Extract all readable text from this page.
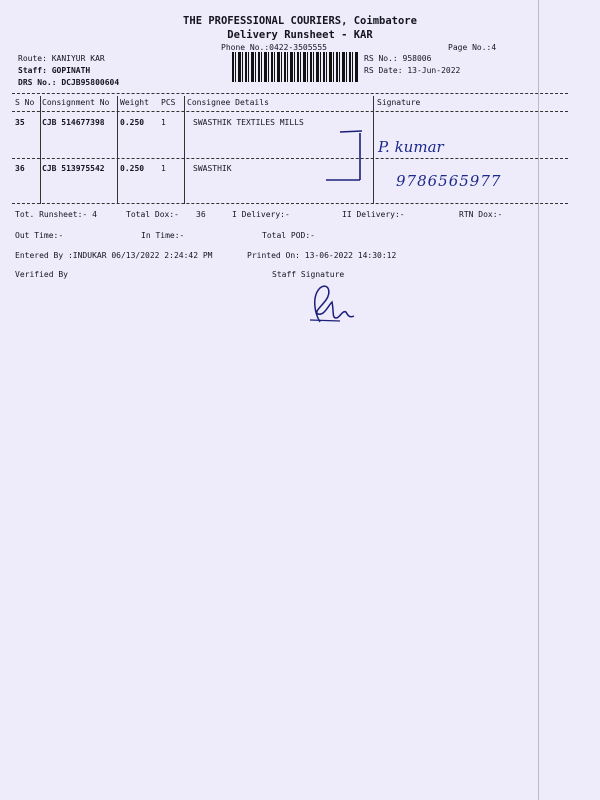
THE PROFESSIONAL COURIERS, Coimbatore
Delivery Runsheet - KAR
Phone No.:0422-3505555	Page No.:4
Route: KANIYUR KAR
Staff: GOPINATH
DRS No.: DCJB95800604
RS No.: 958006
RS Date: 13-Jun-2022
S No Consignment No Weight PCS Consignee Details	Signature
35 CJB 514677398 0.250 1	SWASTHIK TEXTILES MILLS
36 CJB 513975542 0.250 1	SWASTHIK
P. kumar
9786565977
Tot. Runsheet:- 4	Total Dox:- 36	I Delivery:-	II Delivery:-	RTN Dox:-
Out Time:-	In Time:-	Total POD:-
Entered By :INDUKAR 06/13/2022 2:24:42 PM	Printed On: 13-06-2022 14:30:12
Verified By	Staff Signature
